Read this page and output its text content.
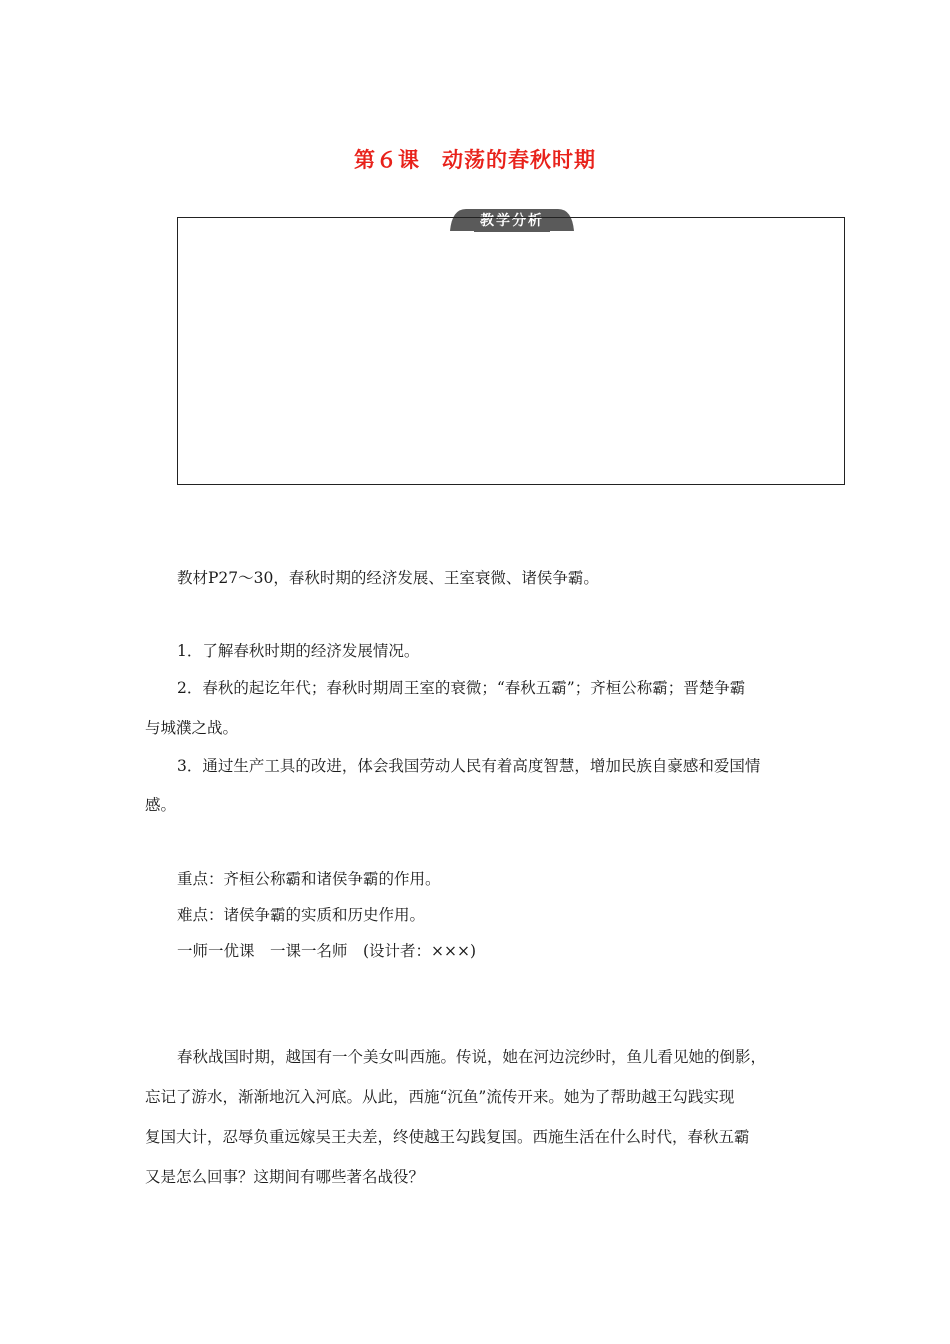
第６课　动荡的春秋时期
教学分析
教材P27～30，春秋时期的经济发展、王室衰微、诸侯争霸。
1．了解春秋时期的经济发展情况。
2．春秋的起讫年代；春秋时期周王室的衰微；“春秋五霸”；齐桓公称霸；晋楚争霸
与城濮之战。
3．通过生产工具的改进，体会我国劳动人民有着高度智慧，增加民族自豪感和爱国情
感。
重点：齐桓公称霸和诸侯争霸的作用。
难点：诸侯争霸的实质和历史作用。
一师一优课　一课一名师　(设计者：×××)
春秋战国时期，越国有一个美女叫西施。传说，她在河边浣纱时，鱼儿看见她的倒影，
忘记了游水，渐渐地沉入河底。从此，西施“沉鱼”流传开来。她为了帮助越王勾践实现
复国大计，忍辱负重远嫁吴王夫差，终使越王勾践复国。西施生活在什么时代，春秋五霸
又是怎么回事？这期间有哪些著名战役？
